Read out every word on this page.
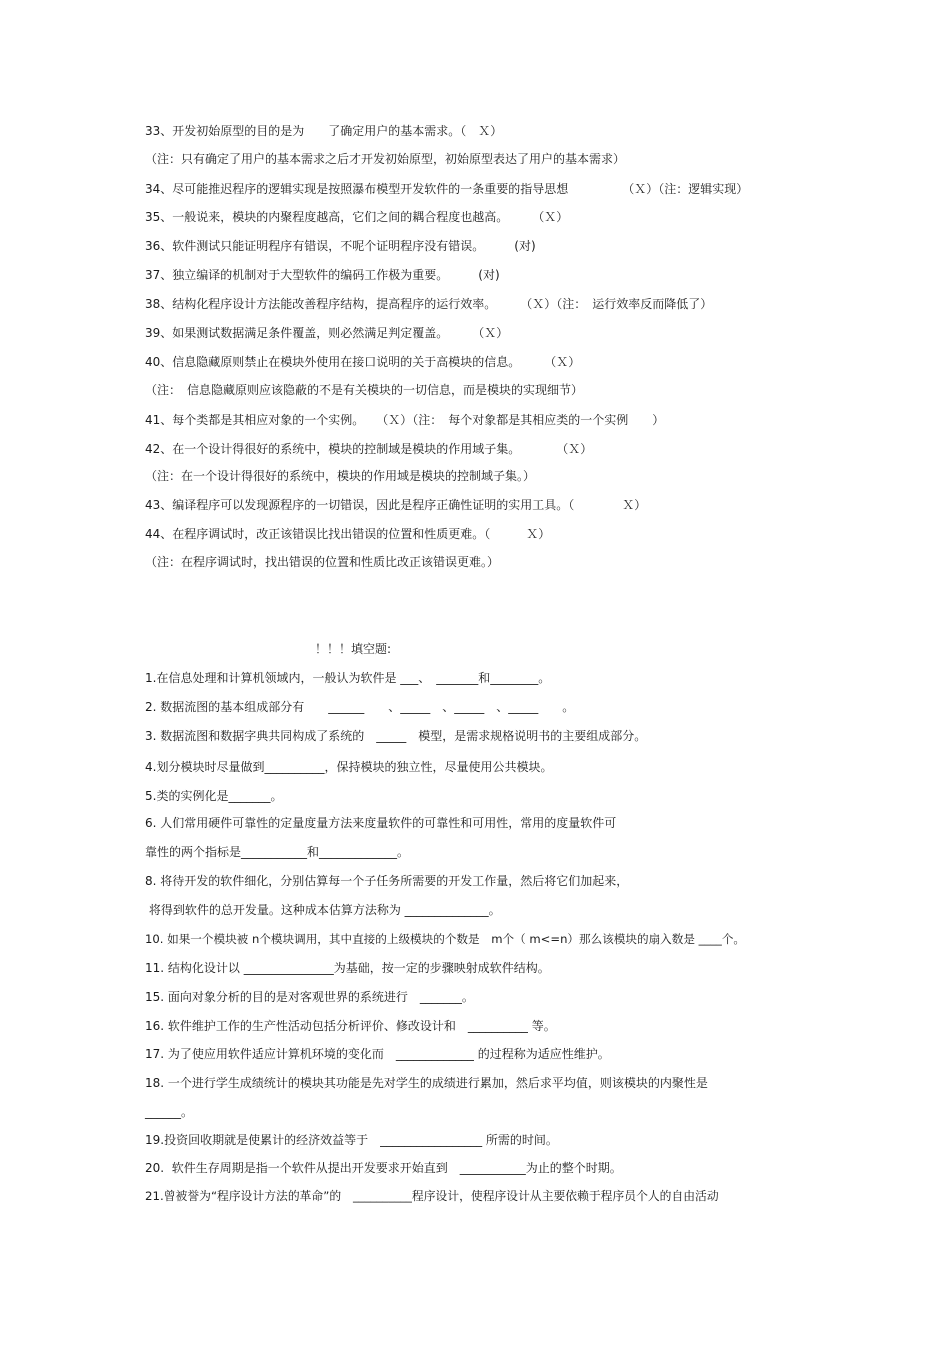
33、开发初始原型的目的是为　　了确定用户的基本需求。（　Ｘ）
（注：只有确定了用户的基本需求之后才开发初始原型，初始原型表达了用户的基本需求）
34、尽可能推迟程序的逻辑实现是按照瀑布模型开发软件的一条重要的指导思想　　　　　（Ｘ）（注：逻辑实现）
35、一般说来，模块的内聚程度越高，它们之间的耦合程度也越高。　　　（Ｘ）
36、软件测试只能证明程序有错误，不呢个证明程序没有错误。　　　(对)
37、独立编译的机制对于大型软件的编码工作极为重要。　　　(对)
38、结构化程序设计方法能改善程序结构，提高程序的运行效率。　　　（Ｘ）（注：　运行效率反而降低了）
39、如果测试数据满足条件覆盖，则必然满足判定覆盖。　　　（Ｘ）
40、信息隐藏原则禁止在模块外使用在接口说明的关于高模块的信息。　　　（Ｘ）
（注：　信息隐藏原则应该隐蔽的不是有关模块的一切信息，而是模块的实现细节）
41、每个类都是其相应对象的一个实例。　　（Ｘ）（注：　每个对象都是其相应类的一个实例　　）
42、在一个设计得很好的系统中，模块的控制域是模块的作用域子集。　　　　（Ｘ）
（注：在一个设计得很好的系统中，模块的作用域是模块的控制域子集。）
43、编译程序可以发现源程序的一切错误，因此是程序正确性证明的实用工具。（　　　　Ｘ）
44、在程序调试时，改正该错误比找出错误的位置和性质更难。（　　　Ｘ）
（注：在程序调试时，找出错误的位置和性质比改正该错误更难。）
！！！填空题:
1.在信息处理和计算机领域内，一般认为软件是 ___、　_______和________。
2. 数据流图的基本组成部分有　　______　　、_____　、_____　、_____　　。
3. 数据流图和数据字典共同构成了系统的　_____　模型，是需求规格说明书的主要组成部分。
4.划分模块时尽量做到__________，保持模块的独立性，尽量使用公共模块。
5.类的实例化是_______。
6. 人们常用硬件可靠性的定量度量方法来度量软件的可靠性和可用性，常用的度量软件可
靠性的两个指标是___________和_____________。
8. 将待开发的软件细化，分别估算每一个子任务所需要的开发工作量，然后将它们加起来，
将得到软件的总开发量。这种成本估算方法称为 ______________。
10. 如果一个模块被 n个模块调用，其中直接的上级模块的个数是　m个（ m<=n）那么该模块的扇入数是 ____个。
11. 结构化设计以 _______________为基础，按一定的步骤映射成软件结构。
15. 面向对象分析的目的是对客观世界的系统进行　_______。
16. 软件维护工作的生产性活动包括分析评价、修改设计和　__________ 等。
17. 为了使应用软件适应计算机环境的变化而　_____________ 的过程称为适应性维护。
18. 一个进行学生成绩统计的模块其功能是先对学生的成绩进行累加，然后求平均值，则该模块的内聚性是
______。
19.投资回收期就是使累计的经济效益等于　_________________ 所需的时间。
20.  软件生存周期是指一个软件从提出开发要求开始直到　___________为止的整个时期。
21.曾被誉为“程序设计方法的革命”的　__________程序设计，使程序设计从主要依赖于程序员个人的自由活动
